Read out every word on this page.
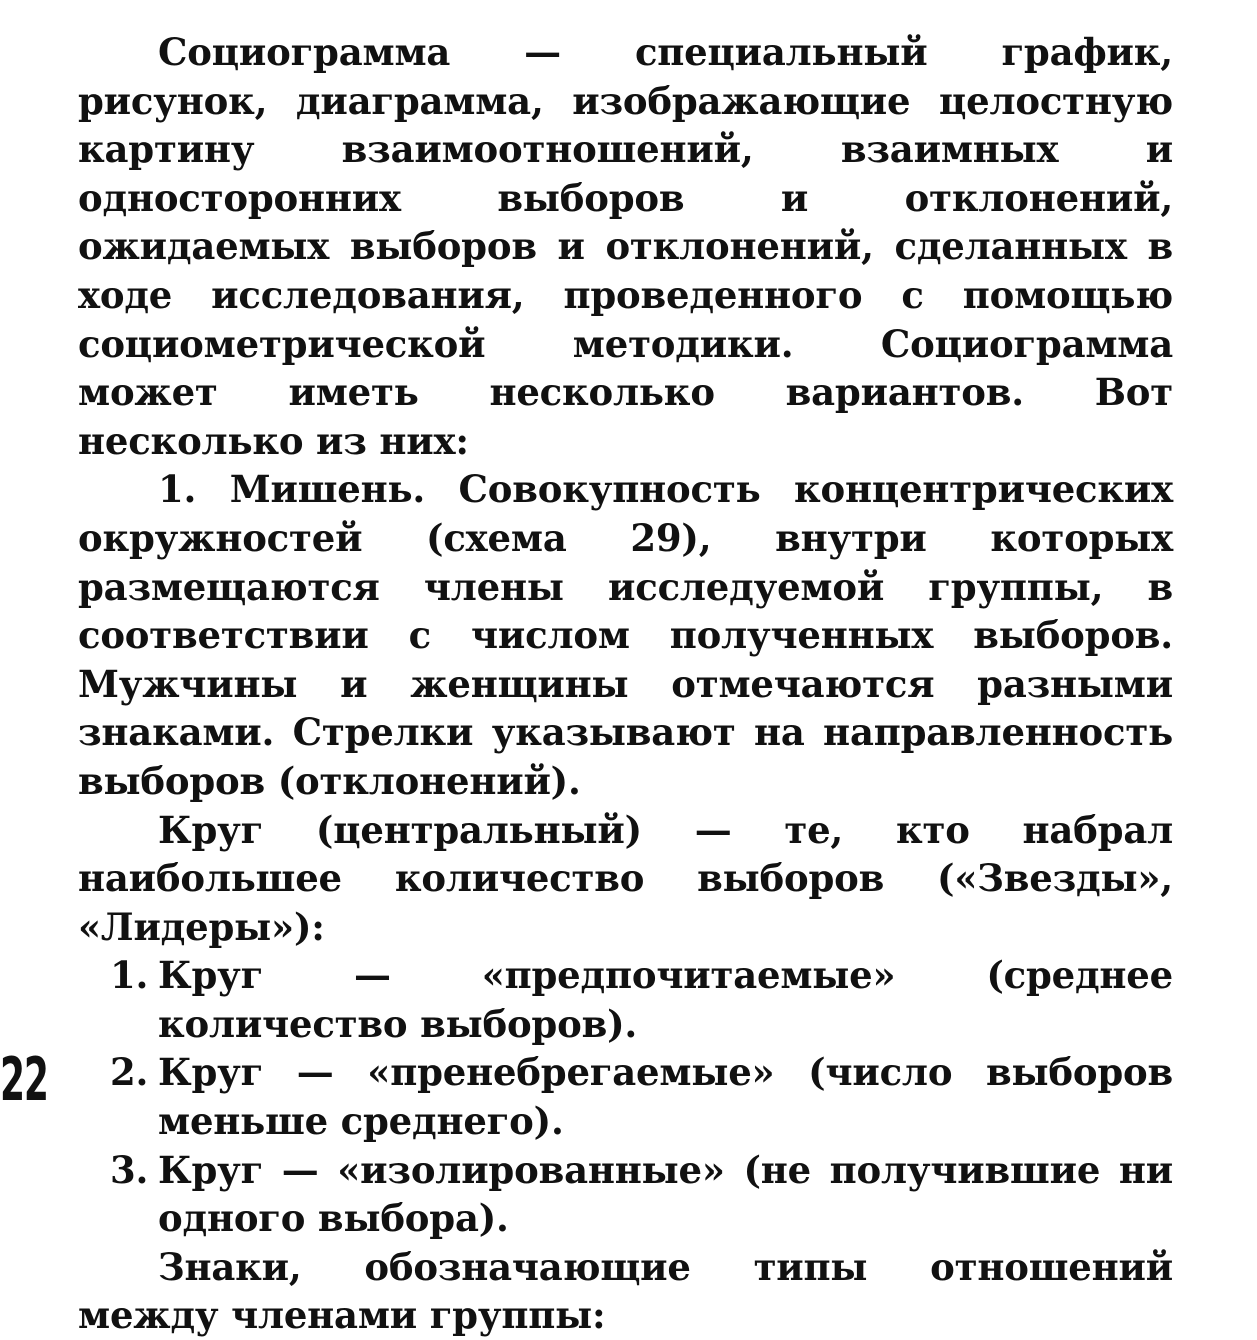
Социограмма — специальный график, рисунок, диаграмма, изображающие целостную картину взаимоотношений, взаимных и односторонних выборов и отклонений, ожидаемых выборов и отклонений, сделанных в ходе исследования, проведенного с помощью социометрической методики. Социограмма может иметь несколько вариантов. Вот несколько из них:

1. Мишень. Совокупность концентрических окружностей (схема 29), внутри которых размещаются члены исследуемой группы, в соответствии с числом полученных выборов. Мужчины и женщины отмечаются разными знаками. Стрелки указывают на направленность выборов (отклонений).

Круг (центральный) — те, кто набрал наибольшее количество выборов («Звезды», «Лидеры»):

1. Круг — «предпочитаемые» (среднее количество выборов).
2. Круг — «пренебрегаемые» (число выборов меньше среднего).
3. Круг — «изолированные» (не получившие ни одного выбора).

Знаки, обозначающие типы отношений между членами группы:

22
